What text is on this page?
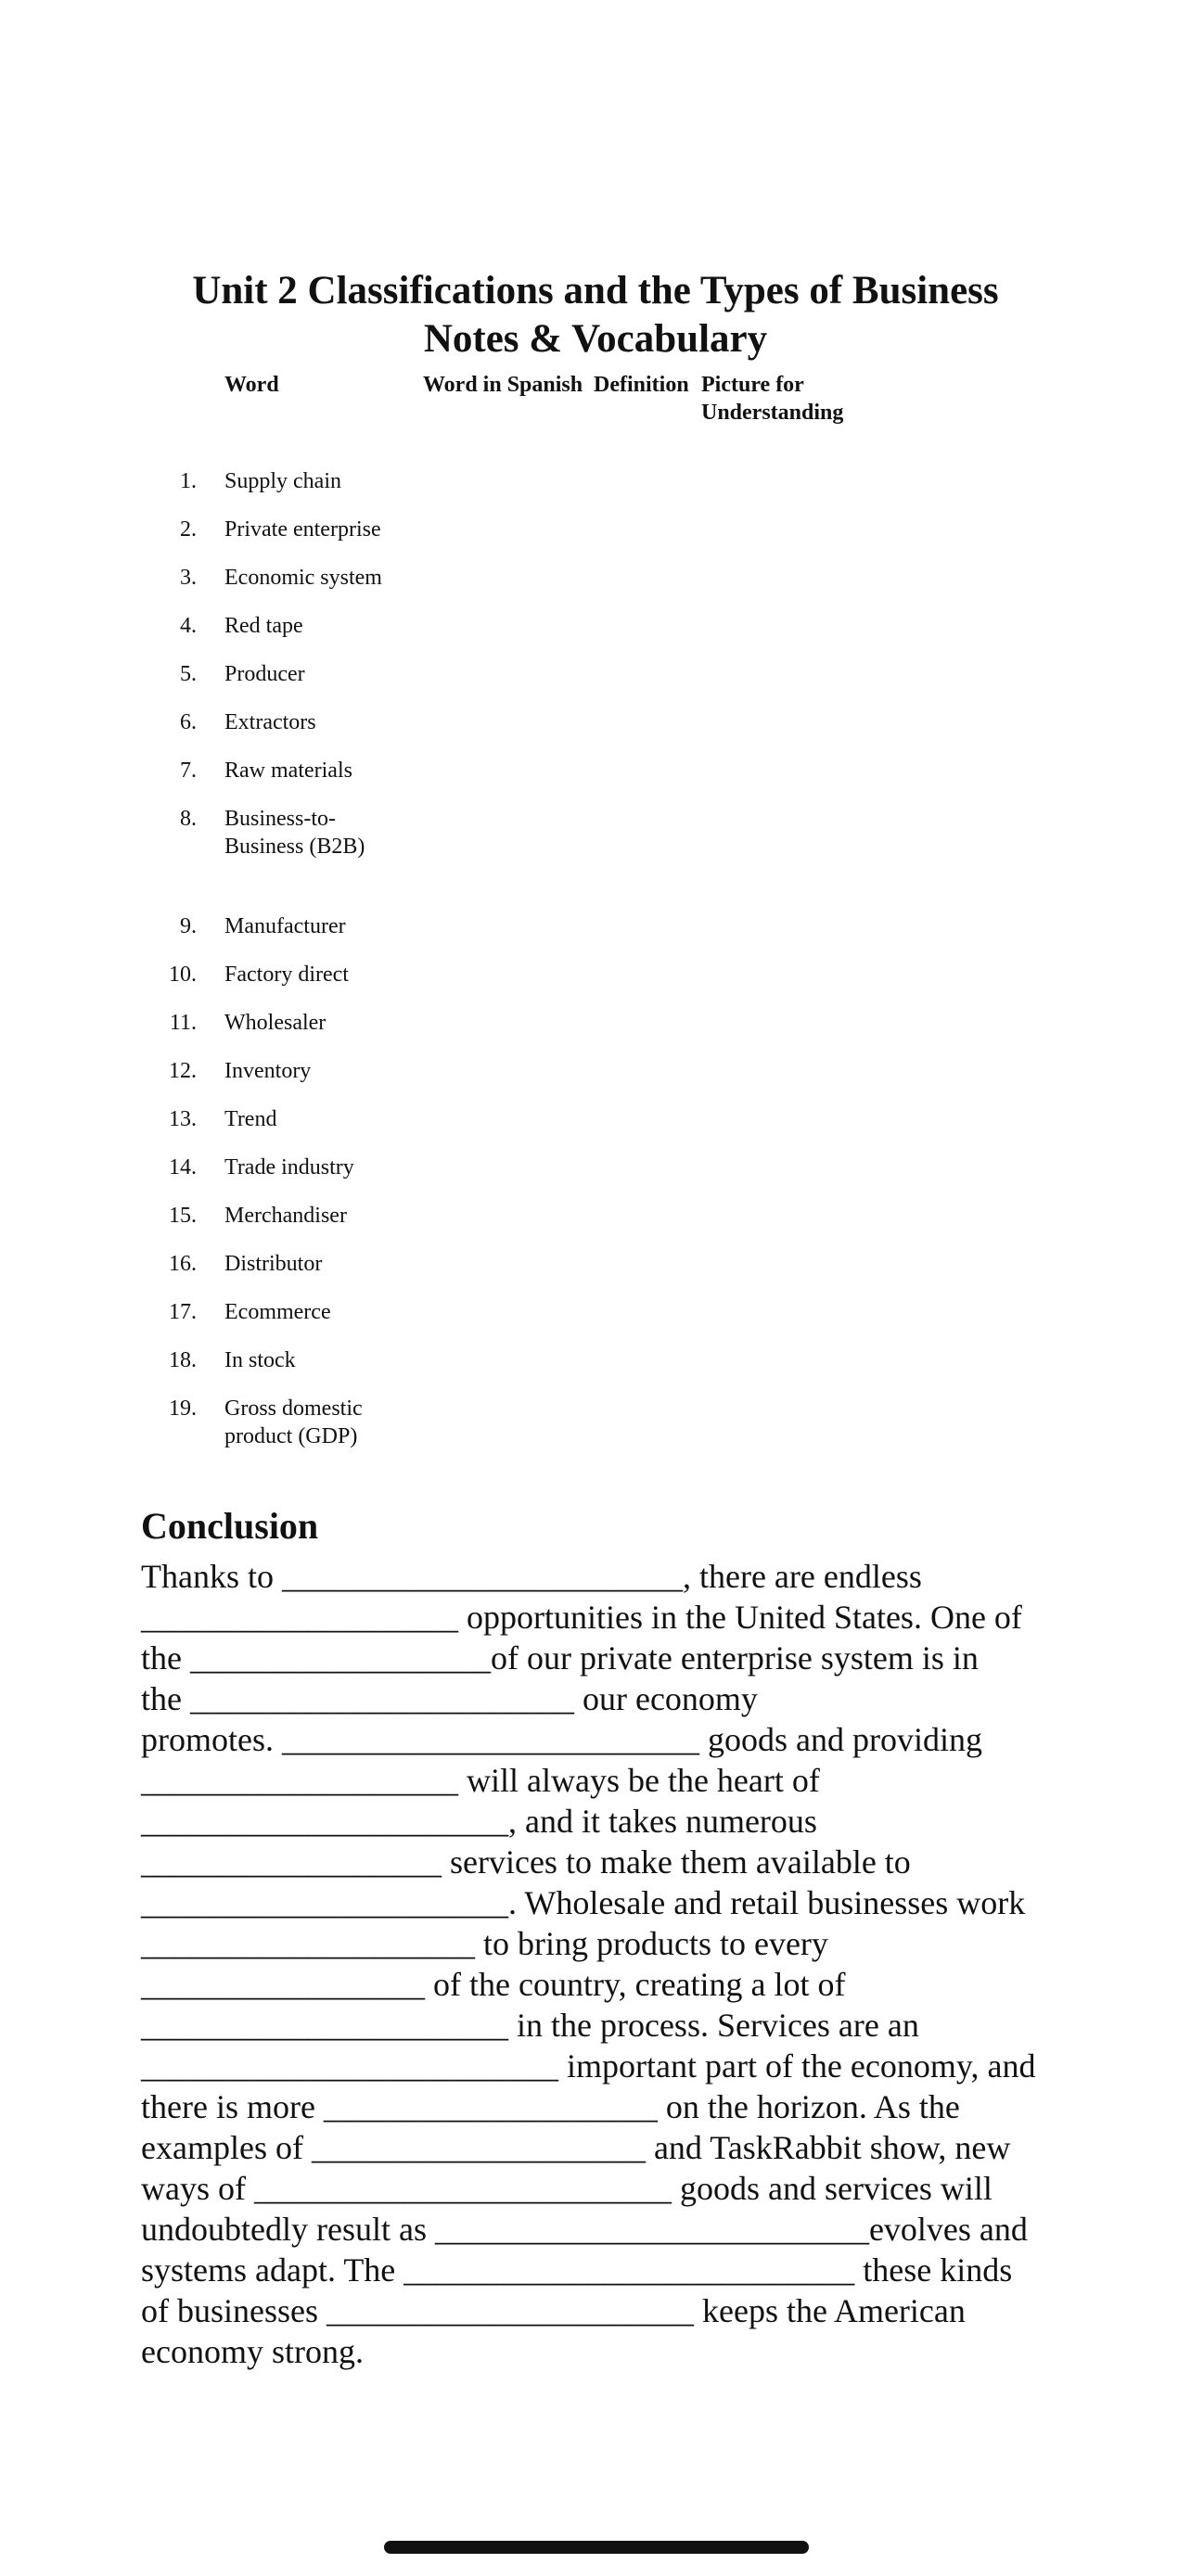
Unit 2 Classifications and the Types of Business
Notes & Vocabulary
Word	Word in Spanish Definition Picture for
Understanding
1. Supply chain
2. Private enterprise
3. Economic system
4. Red tape
5. Producer
6. Extractors
7. Raw materials
8. Business-to-
Business (B2B)
9. Manufacturer
10. Factory direct
11. Wholesaler
12. Inventory
13. Trend
14. Trade industry
15. Merchandiser
16. Distributor
17. Ecommerce
18. In stock
19. Gross domestic
product (GDP)
Conclusion
Thanks to ________________________, there are endless
___________________ opportunities in the United States. One of
the __________________of our private enterprise system is in
the _______________________ our economy
promotes. _________________________ goods and providing
___________________ will always be the heart of
______________________, and it takes numerous
__________________ services to make them available to
______________________. Wholesale and retail businesses work
____________________ to bring products to every
_________________ of the country, creating a lot of
______________________ in the process. Services are an
_________________________ important part of the economy, and
there is more ____________________ on the horizon. As the
examples of ____________________ and TaskRabbit show, new
ways of _________________________ goods and services will
undoubtedly result as __________________________evolves and
systems adapt. The ___________________________ these kinds
of businesses ______________________ keeps the American
economy strong.
